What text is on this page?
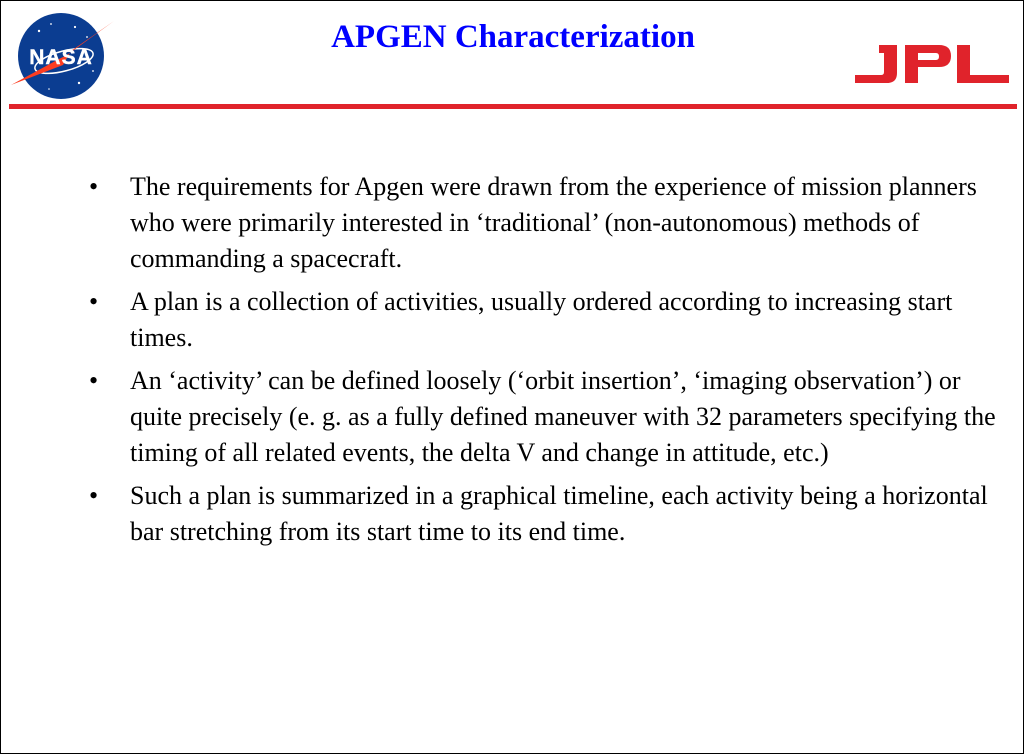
NASA
APGEN Characterization
• The requirements for Apgen were drawn from the experience of mission planners who were primarily interested in ‘traditional’ (non-autonomous) methods of commanding a spacecraft.
• A plan is a collection of activities, usually ordered according to increasing start times.
• An ‘activity’ can be defined loosely (‘orbit insertion’, ‘imaging observation’) or quite precisely (e. g. as a fully defined maneuver with 32 parameters specifying the timing of all related events, the delta V and change in attitude, etc.)
• Such a plan is summarized in a graphical timeline, each activity being a horizontal bar stretching from its start time to its end time.
